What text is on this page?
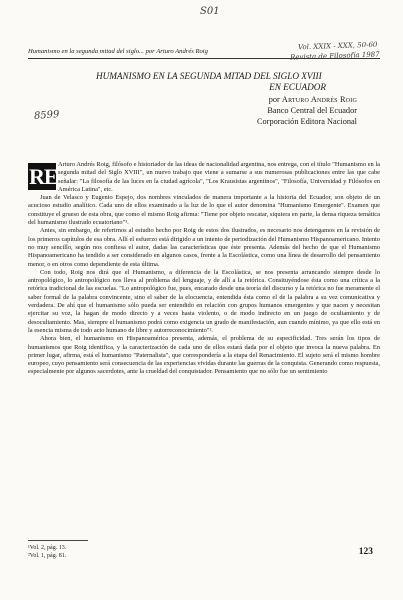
S01
Vol. XXIX - XXX, 50-60
Revista de Filosofía 1987
8599
Humanismo en la segunda mitad del siglo... por Arturo Andrés Roig
HUMANISMO EN LA SEGUNDA MITAD DEL SIGLO XVIII
EN ECUADOR
por Arturo Andrés Roig
Banco Central del Ecuador
Corporación Editora Nacional
RE Arturo Andrés Roig, filósofo e historiador de las ideas de nacionalidad argentina, nos entrega, con el título "Humanismo en la segunda mitad del Siglo XVIII", un nuevo trabajo que viene a sumarse a sus numerosas publicaciones entre las que cabe señalar: "La filosofía de las luces en la ciudad agrícola", "Los Krausistas argentinos", "Filosofía, Universidad y Filósofos en América Latina", etc.

Juan de Velasco y Eugenio Espejo, dos nombres vinculados de manera importante a la historia del Ecuador, son objeto de un acucioso estudio analítico. Cada uno de ellos examinado a la luz de lo que el autor denomina "Humanismo Emergente". Examen que constituye el grueso de esta obra, que como el mismo Roig afirma: "Tiene por objeto rescatar, siquiera en parte, la densa riqueza temática del humanismo ilustrado ecuatoriano"¹.

Antes, sin embargo, de referirnos al estudio hecho por Roig de estos dos ilustrados, es necesario nos detengamos en la revisión de los primeros capítulos de esa obra. Allí el esfuerzo está dirigido a un intento de periodización del Humanismo Hispanoamericano. Intento no muy sencillo, según nos confiesa el autor, dadas las características que éste presenta. Además del hecho de que el Humanismo Hispanoamericano ha tendido a ser considerado en algunos casos, frente a la Escolástica, como una línea de desarrollo del pensamiento menor, o en otros como dependiente de esta última.

Con todo, Roig nos dirá que el Humanismo, a diferencia de la Escolástica, se nos presenta arrancando siempre desde lo antropológico, lo antropológico nos lleva al problema del lenguaje, y de allí a la retórica. Consituyéndose ésta como una crítica a la retórica tradicional de las escuelas. "Lo antropológico fue, pues, encarado desde una teoría del discurso y la retórica no fue meramente el saber formal de la palabra convincente, sino el saber de la elocuencia, entendida ésta como el de la palabra a su vez comunicativa y verdadera. De ahí que el humanismo sólo pueda ser entendido en relación con grupos humanos emergentes y que nacen y necesitan ejercitar su voz, la hagan de modo directo y a veces hasta violento, o de modo indirecto en un juego de ocultamiento y de desocultamiento. Mas, siempre el humanismo podrá como exigencia un grado de manifestación, aun cuando mínimo, ya que ello está en la esencia misma de todo acto humano de libre y autorreconocimiento"².

Ahora bien, el humanismo en Hispanoamérica presenta, además, el problema de su especificidad. Tres serán los tipos de humanismos que Roig identifica, y la caracterización de cada uno de ellos estará dada por el objeto que invoca la nueva palabra. En primer lugar, afirma, está el humanismo "Paternalista", que correspondería a la etapa del Renacimiento. El sujeto será el mismo hombre europeo, cuyo pensamiento será consecuencia de las experiencias vividas durante las guerras de la conquista. Generando como respuesta, especialmente por algunos sacerdotes, ante la crueldad del conquistador. Pensamiento que no sólo fue un sentimiento

¹Vol. 2, pág. 13.
²Vol. 1, pág. 81.	123
